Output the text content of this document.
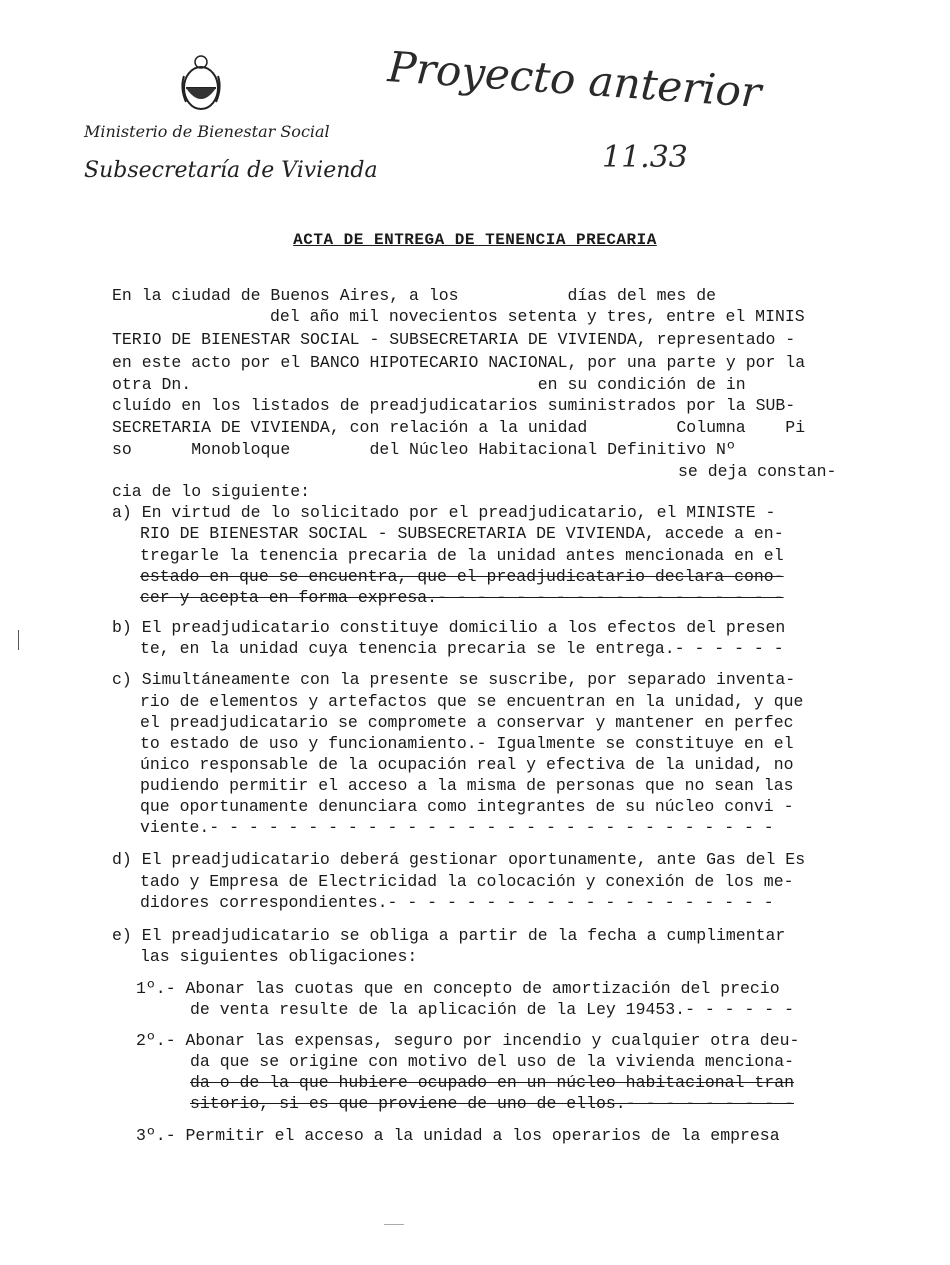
Ministerio de Bienestar Social
Subsecretaría de Vivienda
Proyecto anterior
11.33
ACTA DE ENTREGA DE TENENCIA PRECARIA
En la ciudad de Buenos Aires, a los           días del mes de
del año mil novecientos setenta y tres, entre el MINIS
TERIO DE BIENESTAR SOCIAL - SUBSECRETARIA DE VIVIENDA, representado -
en este acto por el BANCO HIPOTECARIO NACIONAL, por una parte y por la
otra Dn.                                   en su condición de in
cluído en los listados de preadjudicatarios suministrados por la SUB-
SECRETARIA DE VIVIENDA, con relación a la unidad         Columna    Pi
so      Monobloque        del Núcleo Habitacional Definitivo Nº
se deja constan-
cia de lo siguiente:
a) En virtud de lo solicitado por el preadjudicatario, el MINISTE -
RIO DE BIENESTAR SOCIAL - SUBSECRETARIA DE VIVIENDA, accede a en-
tregarle la tenencia precaria de la unidad antes mencionada en el
estado en que se encuentra, que el preadjudicatario declara cono-
cer y acepta en forma expresa.- - - - - - - - - - - - - - - - - -
b) El preadjudicatario constituye domicilio a los efectos del presen
te, en la unidad cuya tenencia precaria se le entrega.- - - - - -
c) Simultáneamente con la presente se suscribe, por separado inventa-
rio de elementos y artefactos que se encuentran en la unidad, y que
el preadjudicatario se compromete a conservar y mantener en perfec
to estado de uso y funcionamiento.- Igualmente se constituye en el
único responsable de la ocupación real y efectiva de la unidad, no
pudiendo permitir el acceso a la misma de personas que no sean las
que oportunamente denunciara como integrantes de su núcleo convi -
viente.- - - - - - - - - - - - - - - - - - - - - - - - - - - - -
d) El preadjudicatario deberá gestionar oportunamente, ante Gas del Es
tado y Empresa de Electricidad la colocación y conexión de los me-
didores correspondientes.- - - - - - - - - - - - - - - - - - - -
e) El preadjudicatario se obliga a partir de la fecha a cumplimentar
las siguientes obligaciones:
1º.- Abonar las cuotas que en concepto de amortización del precio
de venta resulte de la aplicación de la Ley 19453.- - - - - -
2º.- Abonar las expensas, seguro por incendio y cualquier otra deu-
da que se origine con motivo del uso de la vivienda menciona-
da o de la que hubiere ocupado en un núcleo habitacional tran
sitorio, si es que proviene de uno de ellos.- - - - - - - - -
3º.- Permitir el acceso a la unidad a los operarios de la empresa
